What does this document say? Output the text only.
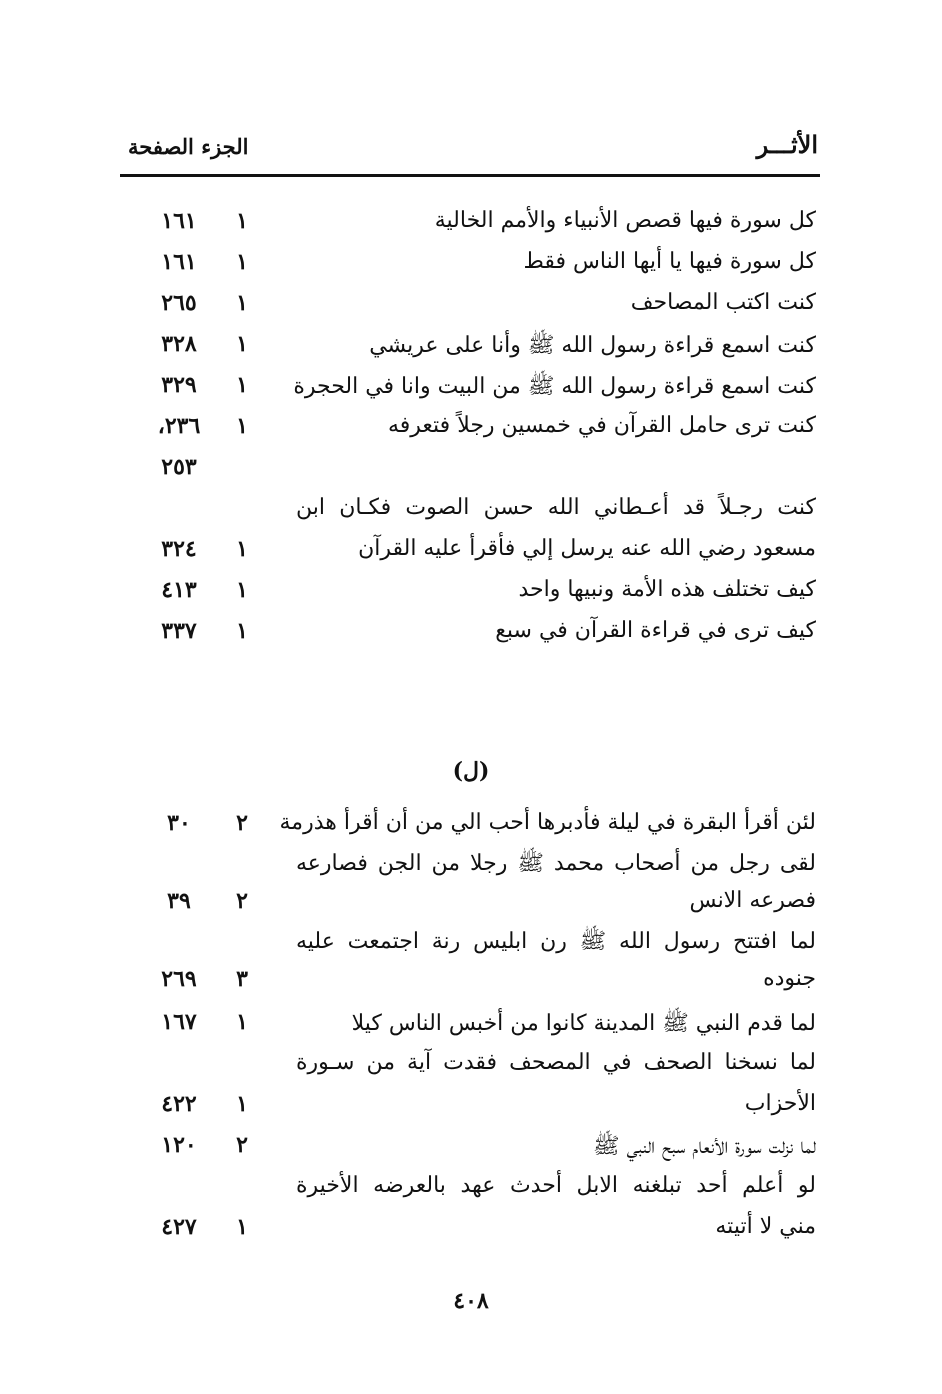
الأثـــر
الجزء الصفحة
كل سورة فيها قصص الأنبياء والأمم الخالية
١
١٦١
كل سورة فيها يا أيها الناس فقط
١
١٦١
كنت اكتب المصاحف
١
٢٦٥
كنت اسمع قراءة رسول الله ﷺ وأنا على عريشي
١
٣٢٨
كنت اسمع قراءة رسول الله ﷺ من البيت وانا في الحجرة
١
٣٢٩
كنت ترى حامل القرآن في خمسين رجلاً فتعرفه
١
٢٣٦،
٢٥٣
كنت رجـلاً قد أعـطاني الله حسن الصوت فكـان ابن
مسعود رضي الله عنه يرسل إلي فأقرأ عليه القرآن
١
٣٢٤
كيف تختلف هذه الأمة ونبيها واحد
١
٤١٣
كيف ترى في قراءة القرآن في سبع
١
٣٣٧
(ل)
لئن أقرأ البقرة في ليلة فأدبرها أحب الي من أن أقرأ هذرمة
٢
٣٠
لقى رجل من أصحاب محمد ﷺ رجلا من الجن فصارعه
فصرعه الانس
٢
٣٩
لما افتتح رسول الله ﷺ رن ابليس رنة اجتمعت عليه
جنوده
٣
٢٦٩
لما قدم النبي ﷺ المدينة كانوا من أخبس الناس كيلا
١
١٦٧
لما نسخنا الصحف في المصحف فقدت آية من سـورة
الأحزاب
١
٤٢٢
لما نزلت سورة الأنعام سبح النبي ﷺ
٢
١٢٠
لو أعلم أحد تبلغنه الابل أحدث عهد بالعرضه الأخيرة
مني لا أتيته
١
٤٢٧
٤٠٨
